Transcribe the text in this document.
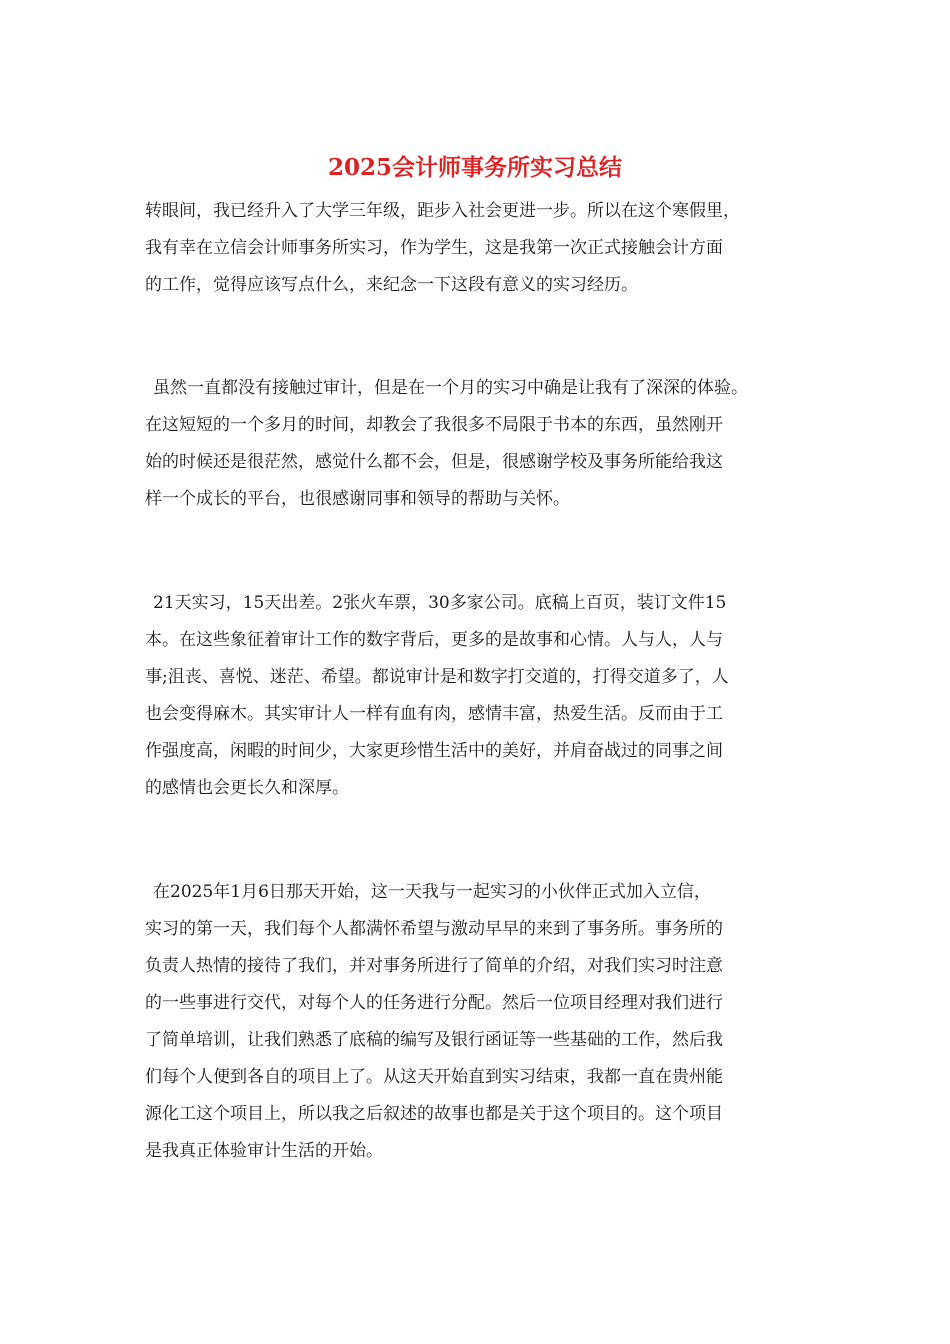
2025会计师事务所实习总结
转眼间，我已经升入了大学三年级，距步入社会更进一步。所以在这个寒假里，
我有幸在立信会计师事务所实习，作为学生，这是我第一次正式接触会计方面
的工作，觉得应该写点什么，来纪念一下这段有意义的实习经历。
虽然一直都没有接触过审计，但是在一个月的实习中确是让我有了深深的体验。
在这短短的一个多月的时间，却教会了我很多不局限于书本的东西，虽然刚开
始的时候还是很茫然，感觉什么都不会，但是，很感谢学校及事务所能给我这
样一个成长的平台，也很感谢同事和领导的帮助与关怀。
21天实习，15天出差。2张火车票，30多家公司。底稿上百页，装订文件15
本。在这些象征着审计工作的数字背后，更多的是故事和心情。人与人，人与
事;沮丧、喜悦、迷茫、希望。都说审计是和数字打交道的，打得交道多了，人
也会变得麻木。其实审计人一样有血有肉，感情丰富，热爱生活。反而由于工
作强度高，闲暇的时间少，大家更珍惜生活中的美好，并肩奋战过的同事之间
的感情也会更长久和深厚。
在2025年1月6日那天开始，这一天我与一起实习的小伙伴正式加入立信，
实习的第一天，我们每个人都满怀希望与激动早早的来到了事务所。事务所的
负责人热情的接待了我们，并对事务所进行了简单的介绍，对我们实习时注意
的一些事进行交代，对每个人的任务进行分配。然后一位项目经理对我们进行
了简单培训，让我们熟悉了底稿的编写及银行函证等一些基础的工作，然后我
们每个人便到各自的项目上了。从这天开始直到实习结束，我都一直在贵州能
源化工这个项目上，所以我之后叙述的故事也都是关于这个项目的。这个项目
是我真正体验审计生活的开始。
